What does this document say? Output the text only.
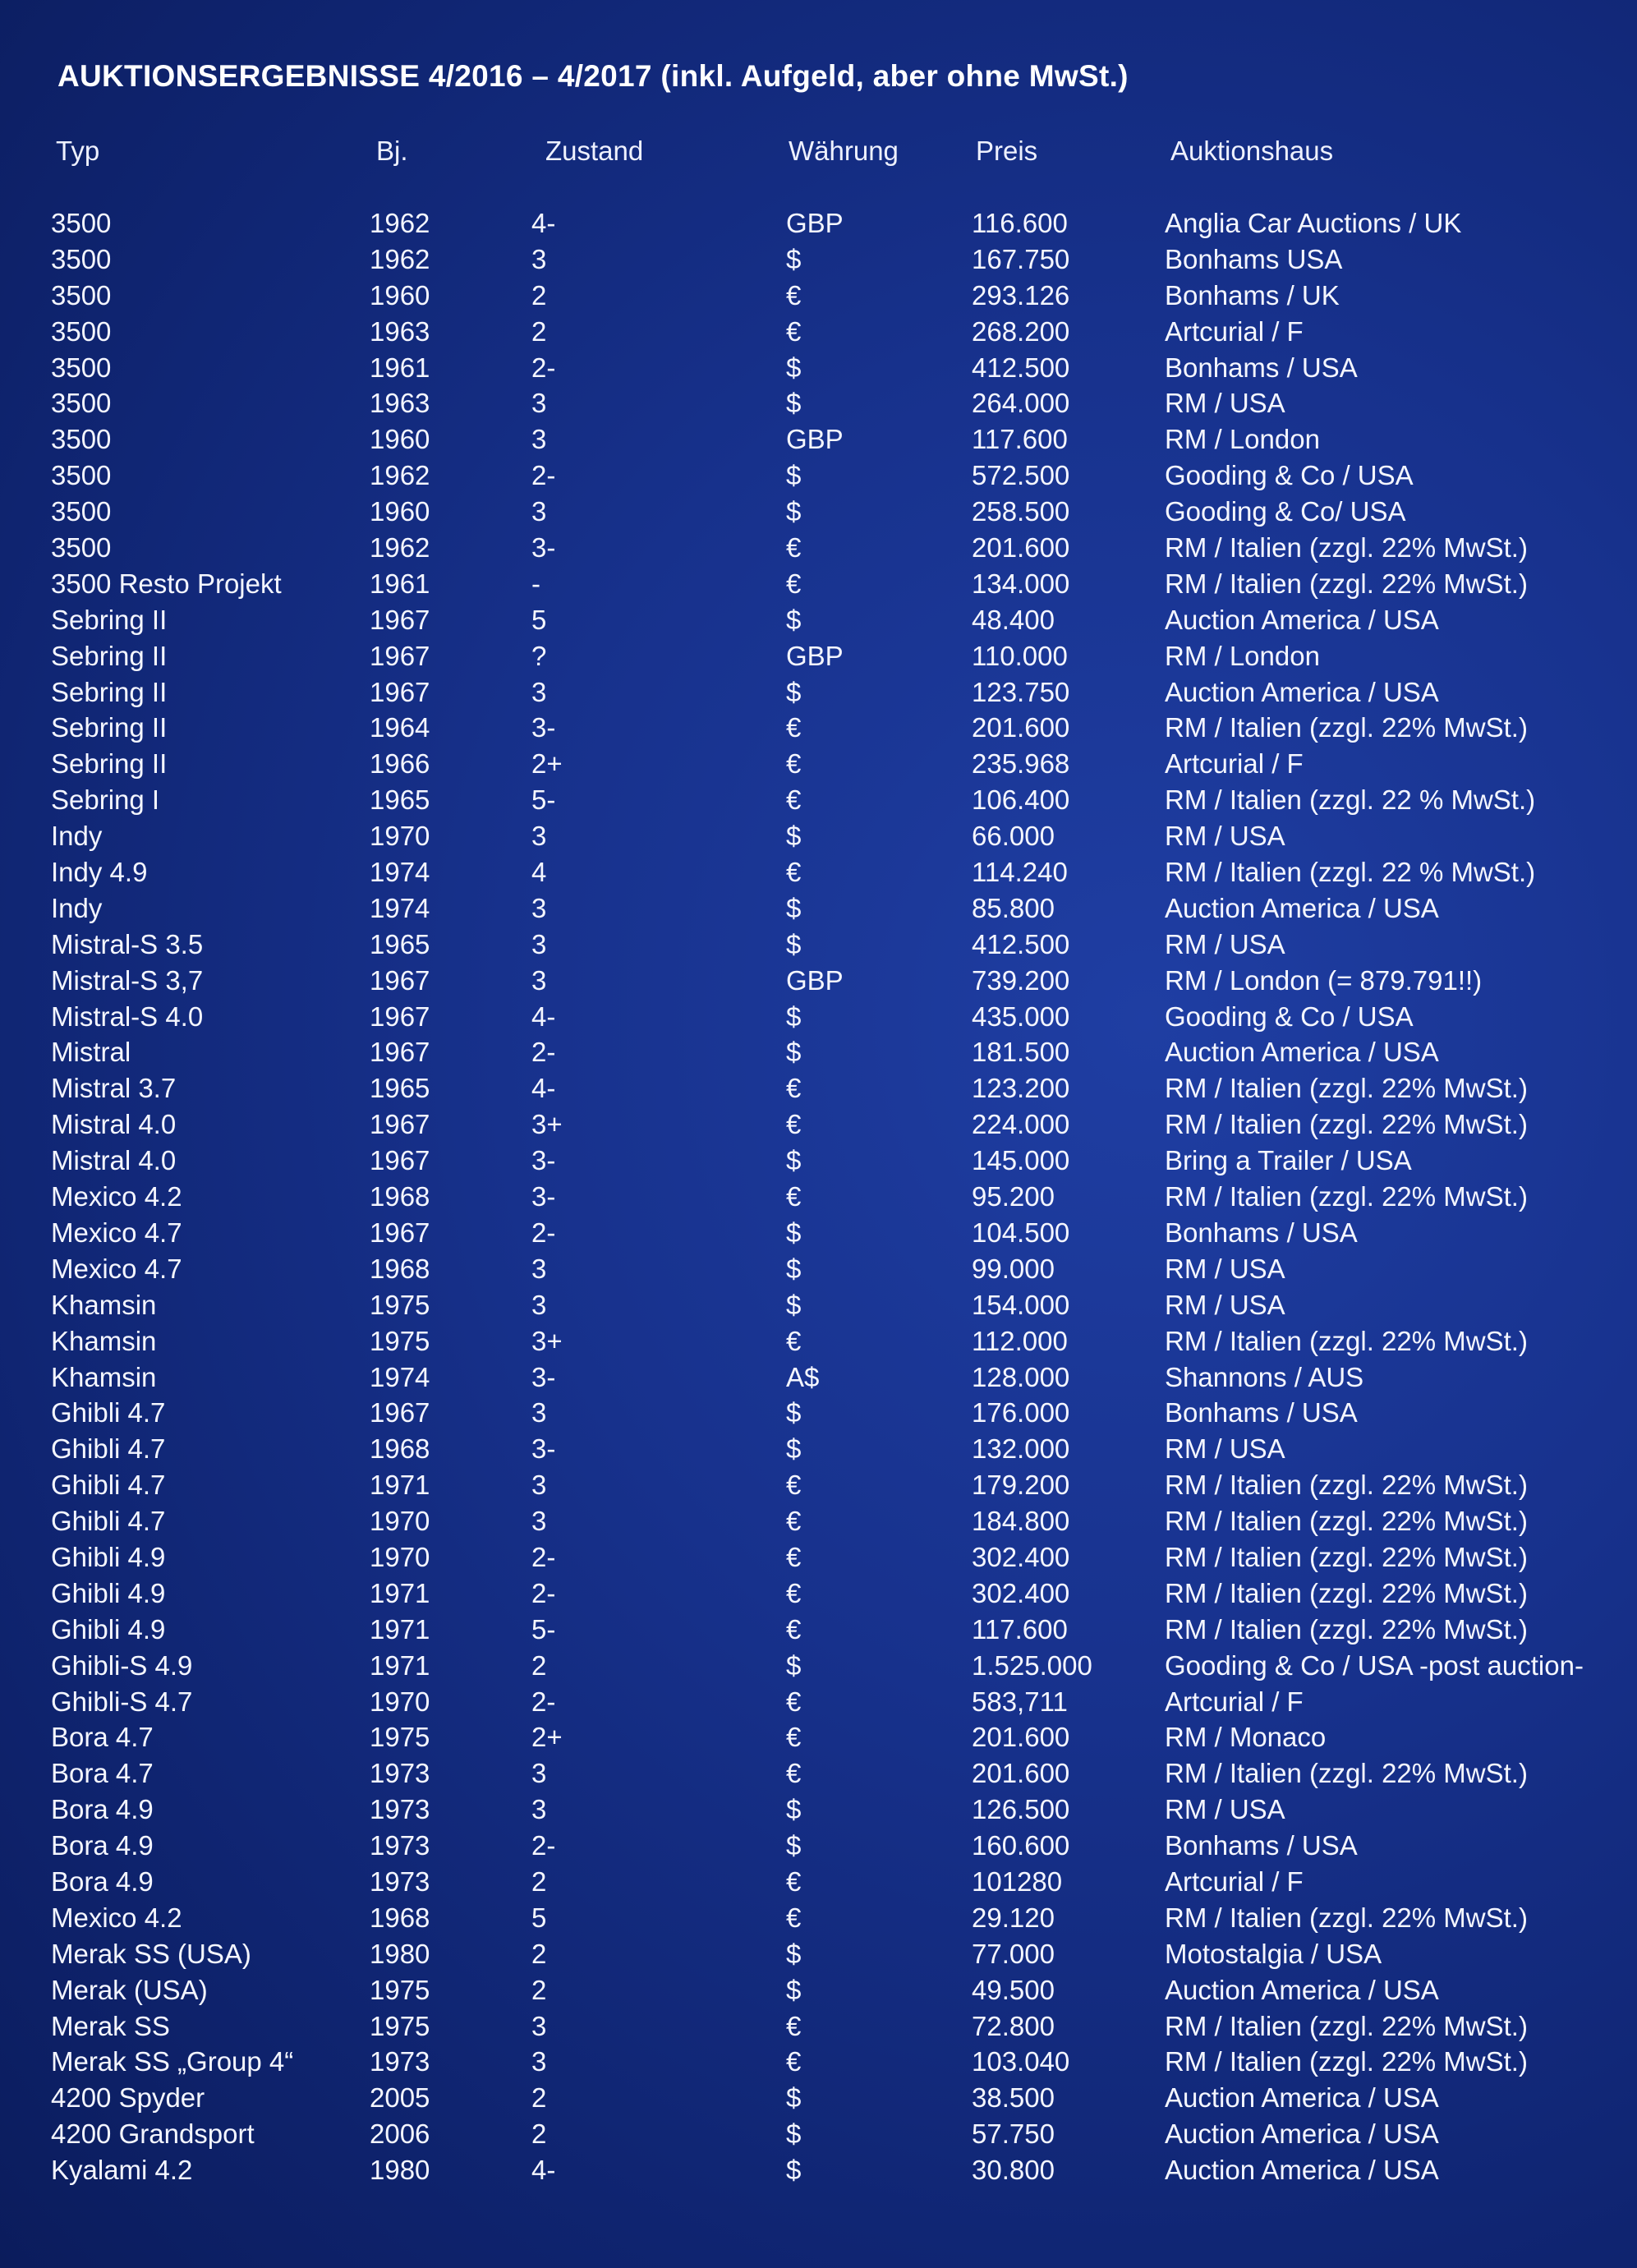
AUKTIONSERGEBNISSE 4/2016 – 4/2017 (inkl. Aufgeld, aber ohne MwSt.)
Typ	Bj.	Zustand	Währung	Preis	Auktionshaus
3500	1962	4-	GBP	116.600	Anglia Car Auctions / UK
3500	1962	3	$	167.750	Bonhams USA
3500	1960	2	€	293.126	Bonhams / UK
3500	1963	2	€	268.200	Artcurial / F
3500	1961	2-	$	412.500	Bonhams / USA
3500	1963	3	$	264.000	RM / USA
3500	1960	3	GBP	117.600	RM / London
3500	1962	2-	$	572.500	Gooding & Co / USA
3500	1960	3	$	258.500	Gooding & Co/ USA
3500	1962	3-	€	201.600	RM / Italien (zzgl. 22% MwSt.)
3500 Resto Projekt	1961	-	€	134.000	RM / Italien (zzgl. 22% MwSt.)
Sebring II	1967	5	$	48.400	Auction America / USA
Sebring II	1967	?	GBP	110.000	RM / London
Sebring II	1967	3	$	123.750	Auction America / USA
Sebring II	1964	3-	€	201.600	RM / Italien (zzgl. 22% MwSt.)
Sebring II	1966	2+	€	235.968	Artcurial / F
Sebring I	1965	5-	€	106.400	RM / Italien (zzgl. 22 % MwSt.)
Indy	1970	3	$	66.000	RM / USA
Indy 4.9	1974	4	€	114.240	RM / Italien (zzgl. 22 % MwSt.)
Indy	1974	3	$	85.800	Auction America / USA
Mistral-S 3.5	1965	3	$	412.500	RM / USA
Mistral-S 3,7	1967	3	GBP	739.200	RM / London (= 879.791!!)
Mistral-S 4.0	1967	4-	$	435.000	Gooding & Co / USA
Mistral	1967	2-	$	181.500	Auction America / USA
Mistral 3.7	1965	4-	€	123.200	RM / Italien (zzgl. 22% MwSt.)
Mistral 4.0	1967	3+	€	224.000	RM / Italien (zzgl. 22% MwSt.)
Mistral 4.0	1967	3-	$	145.000	Bring a Trailer / USA
Mexico 4.2	1968	3-	€	95.200	RM / Italien (zzgl. 22% MwSt.)
Mexico 4.7	1967	2-	$	104.500	Bonhams / USA
Mexico 4.7	1968	3	$	99.000	RM / USA
Khamsin	1975	3	$	154.000	RM / USA
Khamsin	1975	3+	€	112.000	RM / Italien (zzgl. 22% MwSt.)
Khamsin	1974	3-	A$	128.000	Shannons / AUS
Ghibli 4.7	1967	3	$	176.000	Bonhams / USA
Ghibli 4.7	1968	3-	$	132.000	RM / USA
Ghibli 4.7	1971	3	€	179.200	RM / Italien (zzgl. 22% MwSt.)
Ghibli 4.7	1970	3	€	184.800	RM / Italien (zzgl. 22% MwSt.)
Ghibli 4.9	1970	2-	€	302.400	RM / Italien (zzgl. 22% MwSt.)
Ghibli 4.9	1971	2-	€	302.400	RM / Italien (zzgl. 22% MwSt.)
Ghibli 4.9	1971	5-	€	117.600	RM / Italien (zzgl. 22% MwSt.)
Ghibli-S 4.9	1971	2	$	1.525.000	Gooding & Co / USA -post auction-
Ghibli-S 4.7	1970	2-	€	583,711	Artcurial / F
Bora 4.7	1975	2+	€	201.600	RM / Monaco
Bora 4.7	1973	3	€	201.600	RM / Italien (zzgl. 22% MwSt.)
Bora 4.9	1973	3	$	126.500	RM / USA
Bora 4.9	1973	2-	$	160.600	Bonhams / USA
Bora 4.9	1973	2	€	101280	Artcurial / F
Mexico 4.2	1968	5	€	29.120	RM / Italien (zzgl. 22% MwSt.)
Merak SS (USA)	1980	2	$	77.000	Motostalgia / USA
Merak (USA)	1975	2	$	49.500	Auction America / USA
Merak SS	1975	3	€	72.800	RM / Italien (zzgl. 22% MwSt.)
Merak SS „Group 4“	1973	3	€	103.040	RM / Italien (zzgl. 22% MwSt.)
4200 Spyder	2005	2	$	38.500	Auction America / USA
4200 Grandsport	2006	2	$	57.750	Auction America / USA
Kyalami 4.2	1980	4-	$	30.800	Auction America / USA
